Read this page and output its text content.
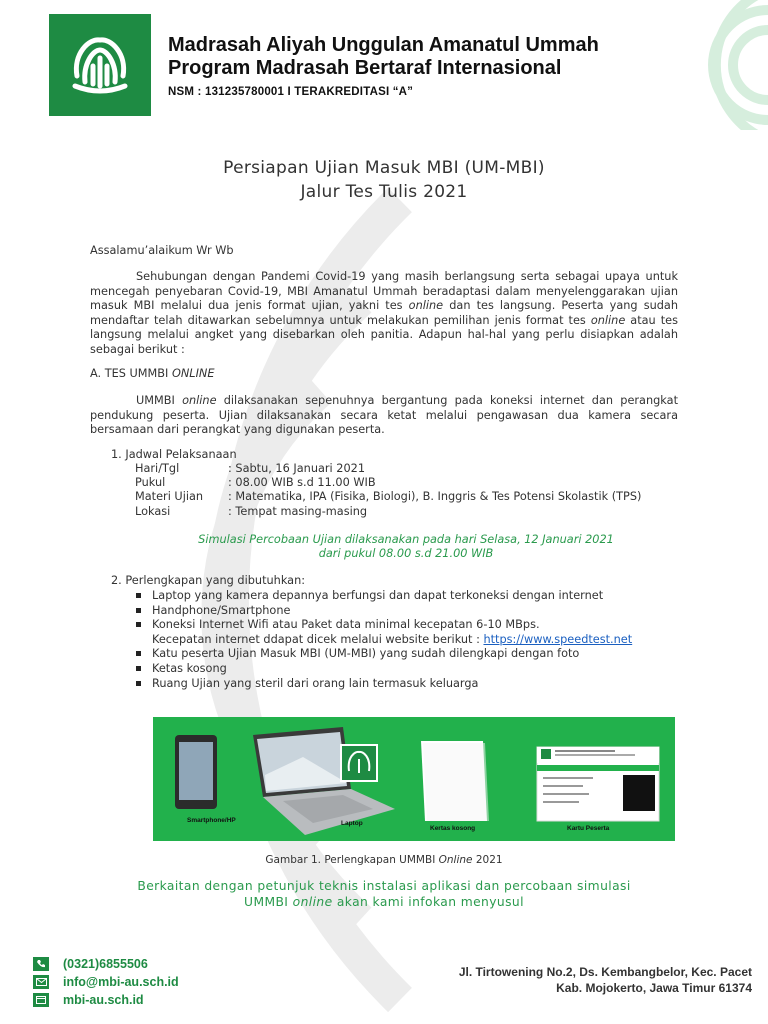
Madrasah Aliyah Unggulan Amanatul Ummah
Program Madrasah Bertaraf Internasional
NSM : 131235780001 I TERAKREDITASI “A”
Persiapan Ujian Masuk MBI (UM-MBI)
Jalur Tes Tulis 2021
Assalamu’alaikum Wr Wb
Sehubungan dengan Pandemi Covid-19 yang masih berlangsung serta sebagai upaya untuk mencegah penyebaran Covid-19, MBI Amanatul Ummah beradaptasi dalam menyelenggarakan ujian masuk MBI melalui dua jenis format ujian, yakni tes online dan tes langsung. Peserta yang sudah mendaftar telah ditawarkan sebelumnya untuk melakukan pemilihan jenis format tes online atau tes langsung melalui angket yang disebarkan oleh panitia. Adapun hal-hal yang perlu disiapkan adalah sebagai berikut :
A. TES UMMBI ONLINE
UMMBI online dilaksanakan sepenuhnya bergantung pada koneksi internet dan perangkat pendukung peserta. Ujian dilaksanakan secara ketat melalui pengawasan dua kamera secara bersamaan dari perangkat yang digunakan peserta.
1. Jadwal Pelaksanaan
Hari/Tgl	: Sabtu, 16 Januari 2021
Pukul	: 08.00 WIB s.d 11.00 WIB
Materi Ujian : Matematika, IPA (Fisika, Biologi), B. Inggris & Tes Potensi Skolastik (TPS)
Lokasi	: Tempat masing-masing
Simulasi Percobaan Ujian dilaksanakan pada hari Selasa, 12 Januari 2021
dari pukul 08.00 s.d 21.00 WIB
2. Perlengkapan yang dibutuhkan:
Laptop yang kamera depannya berfungsi dan dapat terkoneksi dengan internet
Handphone/Smartphone
Koneksi Internet Wifi atau Paket data minimal kecepatan 6-10 MBps.
Kecepatan internet ddapat dicek melalui website berikut : https://www.speedtest.net
Katu peserta Ujian Masuk MBI (UM-MBI) yang sudah dilengkapi dengan foto
Ketas kosong
Ruang Ujian yang steril dari orang lain termasuk keluarga
Smartphone/HP	Laptop
Kertas kosong	Kartu Peserta
Gambar 1. Perlengkapan UMMBI Online 2021
Berkaitan dengan petunjuk teknis instalasi aplikasi dan percobaan simulasi
UMMBI online akan kami infokan menyusul
(0321)6855506
info@mbi-au.sch.id
mbi-au.sch.id
Jl. Tirtowening No.2, Ds. Kembangbelor, Kec. Pacet
Kab. Mojokerto, Jawa Timur 61374
